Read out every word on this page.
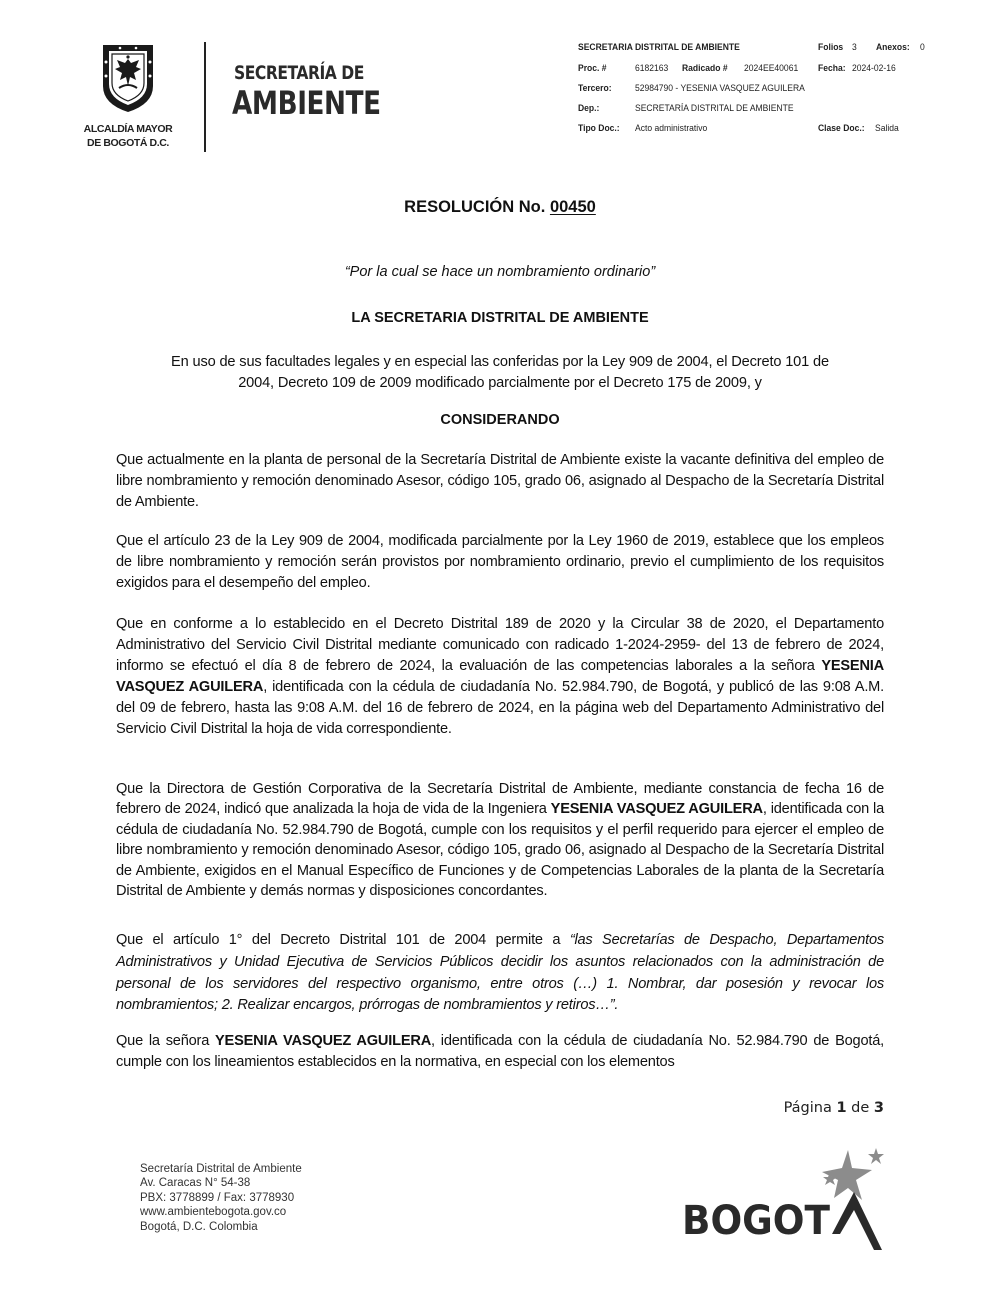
ALCALDÍA MAYOR
DE BOGOTÁ D.C.
SECRETARÍA DE
AMBIENTE
SECRETARIA DISTRITAL DE AMBIENTE	Folios 3 Anexos: 0
Proc. #	6182163	Radicado #	2024EE40061	Fecha: 2024-02-16
Tercero:	52984790 - YESENIA VASQUEZ AGUILERA
Dep.:	SECRETARÍA DISTRITAL DE AMBIENTE
Tipo Doc.:	Acto administrativo	Clase Doc.: Salida
RESOLUCIÓN No. 00450
“Por la cual se hace un nombramiento ordinario”
LA SECRETARIA DISTRITAL DE AMBIENTE
En uso de sus facultades legales y en especial las conferidas por la Ley 909 de 2004, el Decreto 101 de
2004, Decreto 109 de 2009 modificado parcialmente por el Decreto 175 de 2009, y
CONSIDERANDO
Que actualmente en la planta de personal de la Secretaría Distrital de Ambiente existe la vacante definitiva del empleo de libre nombramiento y remoción denominado Asesor, código 105, grado 06, asignado al Despacho de la Secretaría Distrital de Ambiente.
Que el artículo 23 de la Ley 909 de 2004, modificada parcialmente por la Ley 1960 de 2019, establece que los empleos de libre nombramiento y remoción serán provistos por nombramiento ordinario, previo el cumplimiento de los requisitos exigidos para el desempeño del empleo.
Que en conforme a lo establecido en el Decreto Distrital 189 de 2020 y la Circular 38 de 2020, el Departamento Administrativo del Servicio Civil Distrital mediante comunicado con radicado 1-2024-2959- del 13 de febrero de 2024, informo se efectuó el día 8 de febrero de 2024, la evaluación de las competencias laborales a la señora YESENIA VASQUEZ AGUILERA, identificada con la cédula de ciudadanía No. 52.984.790, de Bogotá, y publicó de las 9:08 A.M. del 09 de febrero, hasta las 9:08 A.M. del 16 de febrero de 2024, en la página web del Departamento Administrativo del Servicio Civil Distrital la hoja de vida correspondiente.
Que la Directora de Gestión Corporativa de la Secretaría Distrital de Ambiente, mediante constancia de fecha 16 de febrero de 2024, indicó que analizada la hoja de vida de la Ingeniera YESENIA VASQUEZ AGUILERA, identificada con la cédula de ciudadanía No. 52.984.790 de Bogotá, cumple con los requisitos y el perfil requerido para ejercer el empleo de libre nombramiento y remoción denominado Asesor, código 105, grado 06, asignado al Despacho de la Secretaría Distrital de Ambiente, exigidos en el Manual Específico de Funciones y de Competencias Laborales de la planta de la Secretaría Distrital de Ambiente y demás normas y disposiciones concordantes.
Que el artículo 1° del Decreto Distrital 101 de 2004 permite a “las Secretarías de Despacho, Departamentos Administrativos y Unidad Ejecutiva de Servicios Públicos decidir los asuntos relacionados con la administración de personal de los servidores del respectivo organismo, entre otros (…) 1. Nombrar, dar posesión y revocar los nombramientos; 2. Realizar encargos, prórrogas de nombramientos y retiros…”.
Que la señora YESENIA VASQUEZ AGUILERA, identificada con la cédula de ciudadanía No. 52.984.790 de Bogotá, cumple con los lineamientos establecidos en la normativa, en especial con los elementos
Página 1 de 3
Secretaría Distrital de Ambiente
Av. Caracas N° 54-38
PBX: 3778899 / Fax: 3778930
www.ambientebogota.gov.co
Bogotá, D.C. Colombia	BOGOT
